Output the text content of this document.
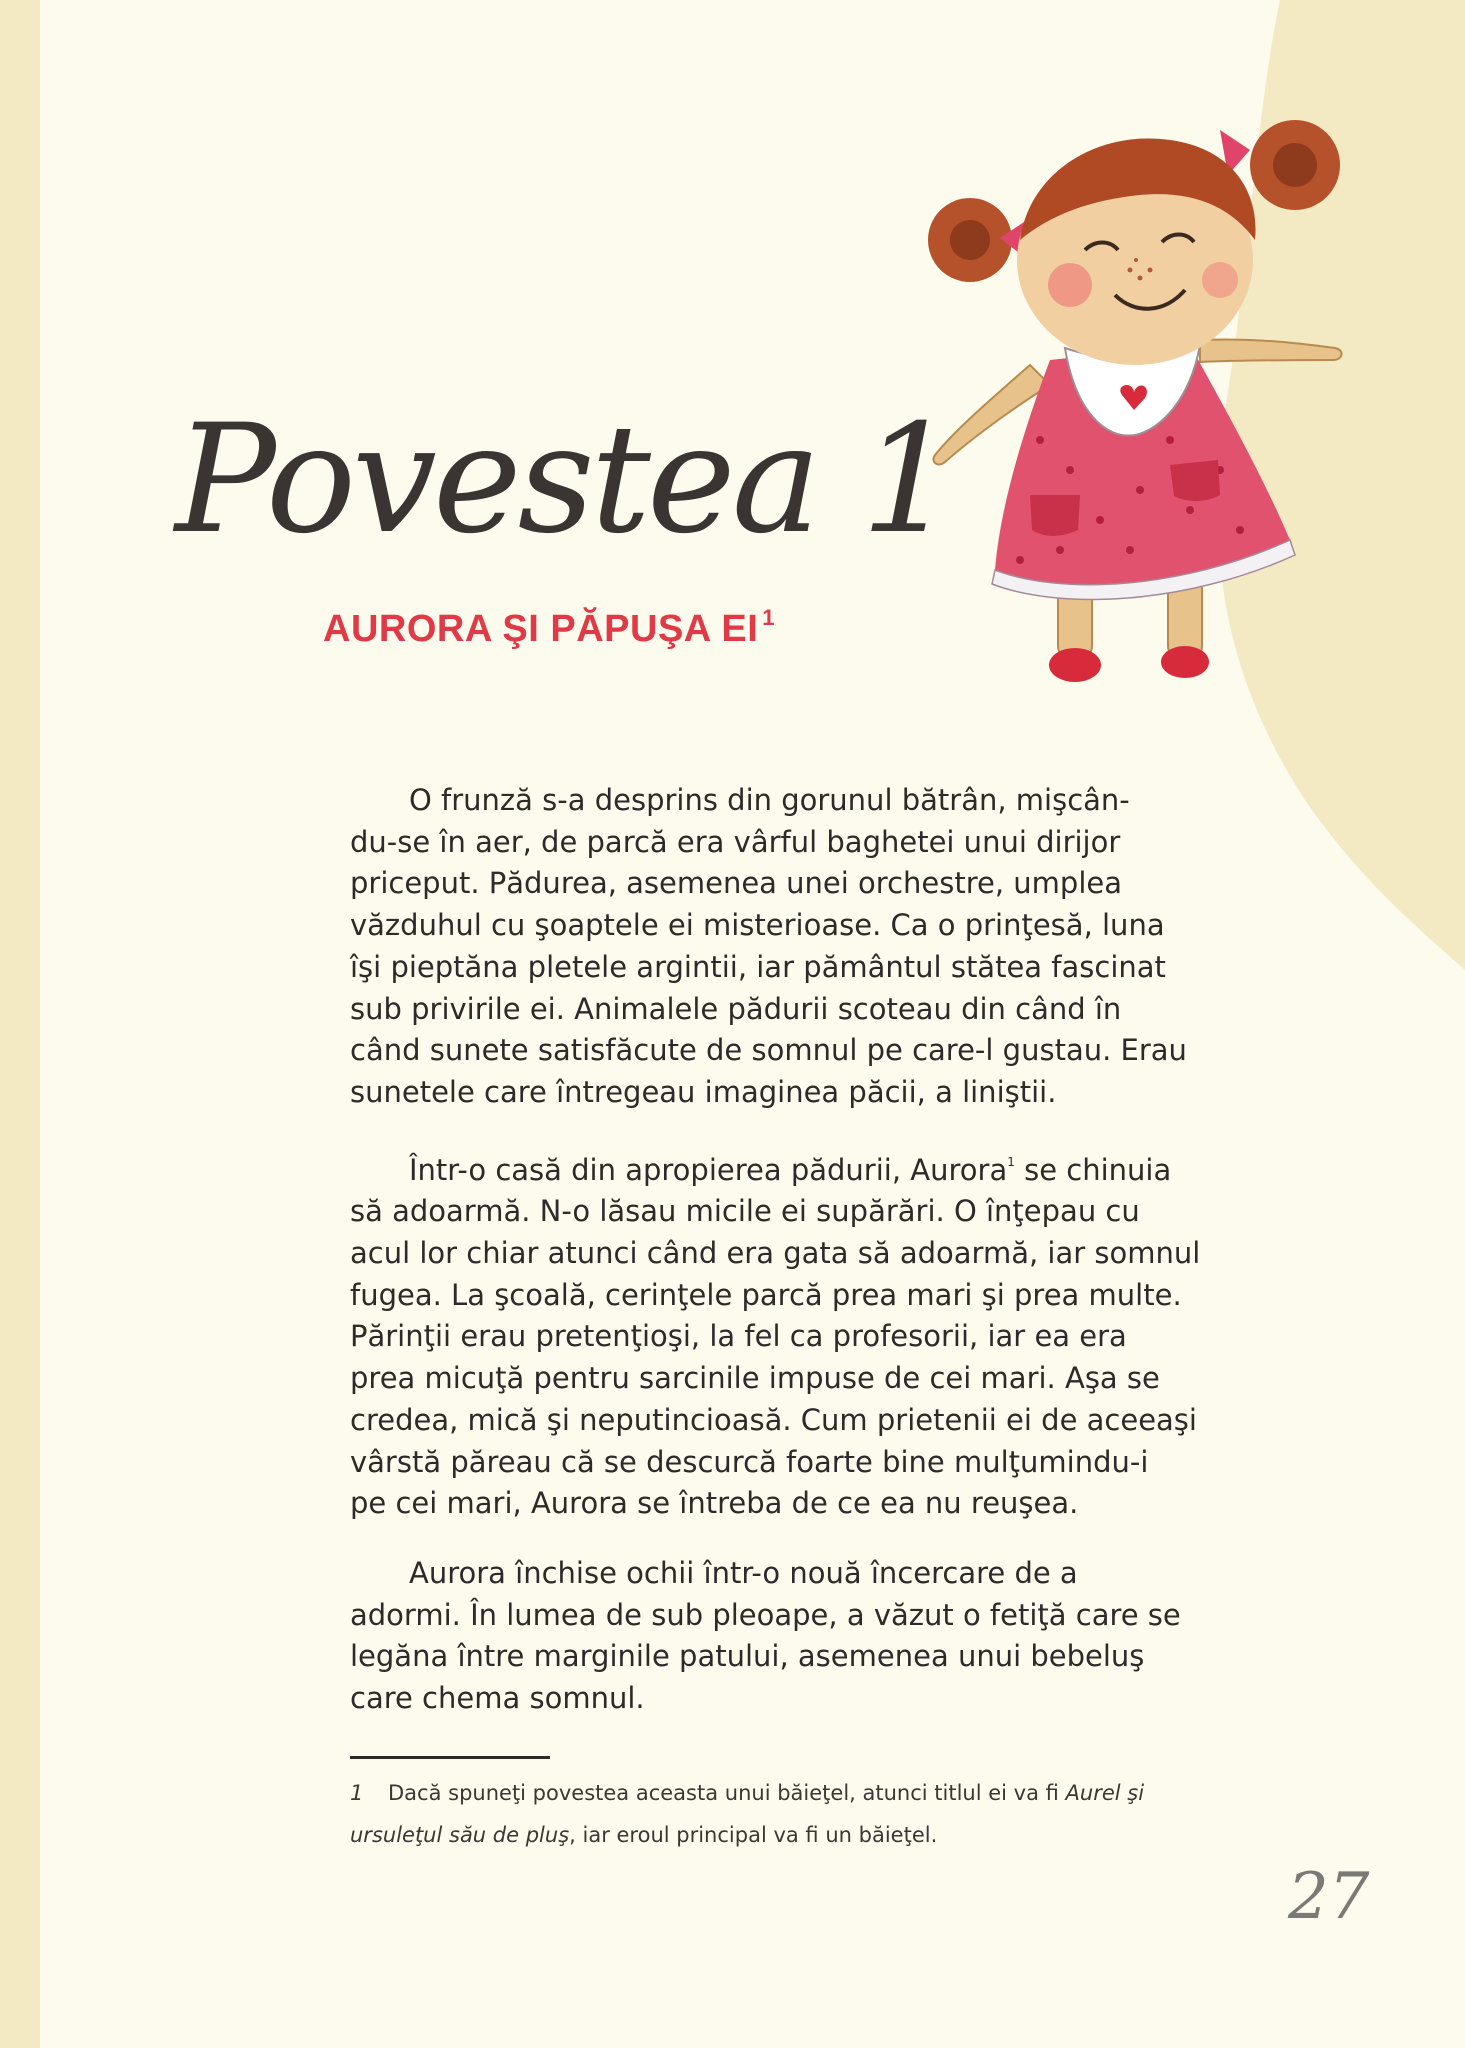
Povestea 1
AURORA ŞI PĂPUŞA EI $^1$

O frunză s-a desprins din gorunul bătrân, mişcân-
du-se în aer, de parcă era vârful baghetei unui dirijor
priceput. Pădurea, asemenea unei orchestre, umplea
văzduhul cu şoaptele ei misterioase. Ca o prinţesă, luna
îşi pieptăna pletele argintii, iar pământul stătea fascinat
sub privirile ei. Animalele pădurii scoteau din când în
când sunete satisfăcute de somnul pe care-l gustau. Erau
sunetele care întregeau imaginea păcii, a liniştii.

Într-o casă din apropierea pădurii, Aurora$^1$ se chinuia
să adoarmă. N-o lăsau micile ei supărări. O înţepau cu
acul lor chiar atunci când era gata să adoarmă, iar somnul
fugea. La şcoală, cerinţele parcă prea mari şi prea multe.
Părinţii erau pretenţioşi, la fel ca profesorii, iar ea era
prea micuţă pentru sarcinile impuse de cei mari. Aşa se
credea, mică şi neputincioasă. Cum prietenii ei de aceeaşi
vârstă păreau că se descurcă foarte bine mulţumindu-i
pe cei mari, Aurora se întreba de ce ea nu reuşea.

Aurora închise ochii într-o nouă încercare de a
adormi. În lumea de sub pleoape, a văzut o fetiţă care se
legăna între marginile patului, asemenea unui bebeluş
care chema somnul.

1 Dacă spuneţi povestea aceasta unui băieţel, atunci titlul ei va fi Aurel şi
ursuleţul său de pluş, iar eroul principal va fi un băieţel.
27
